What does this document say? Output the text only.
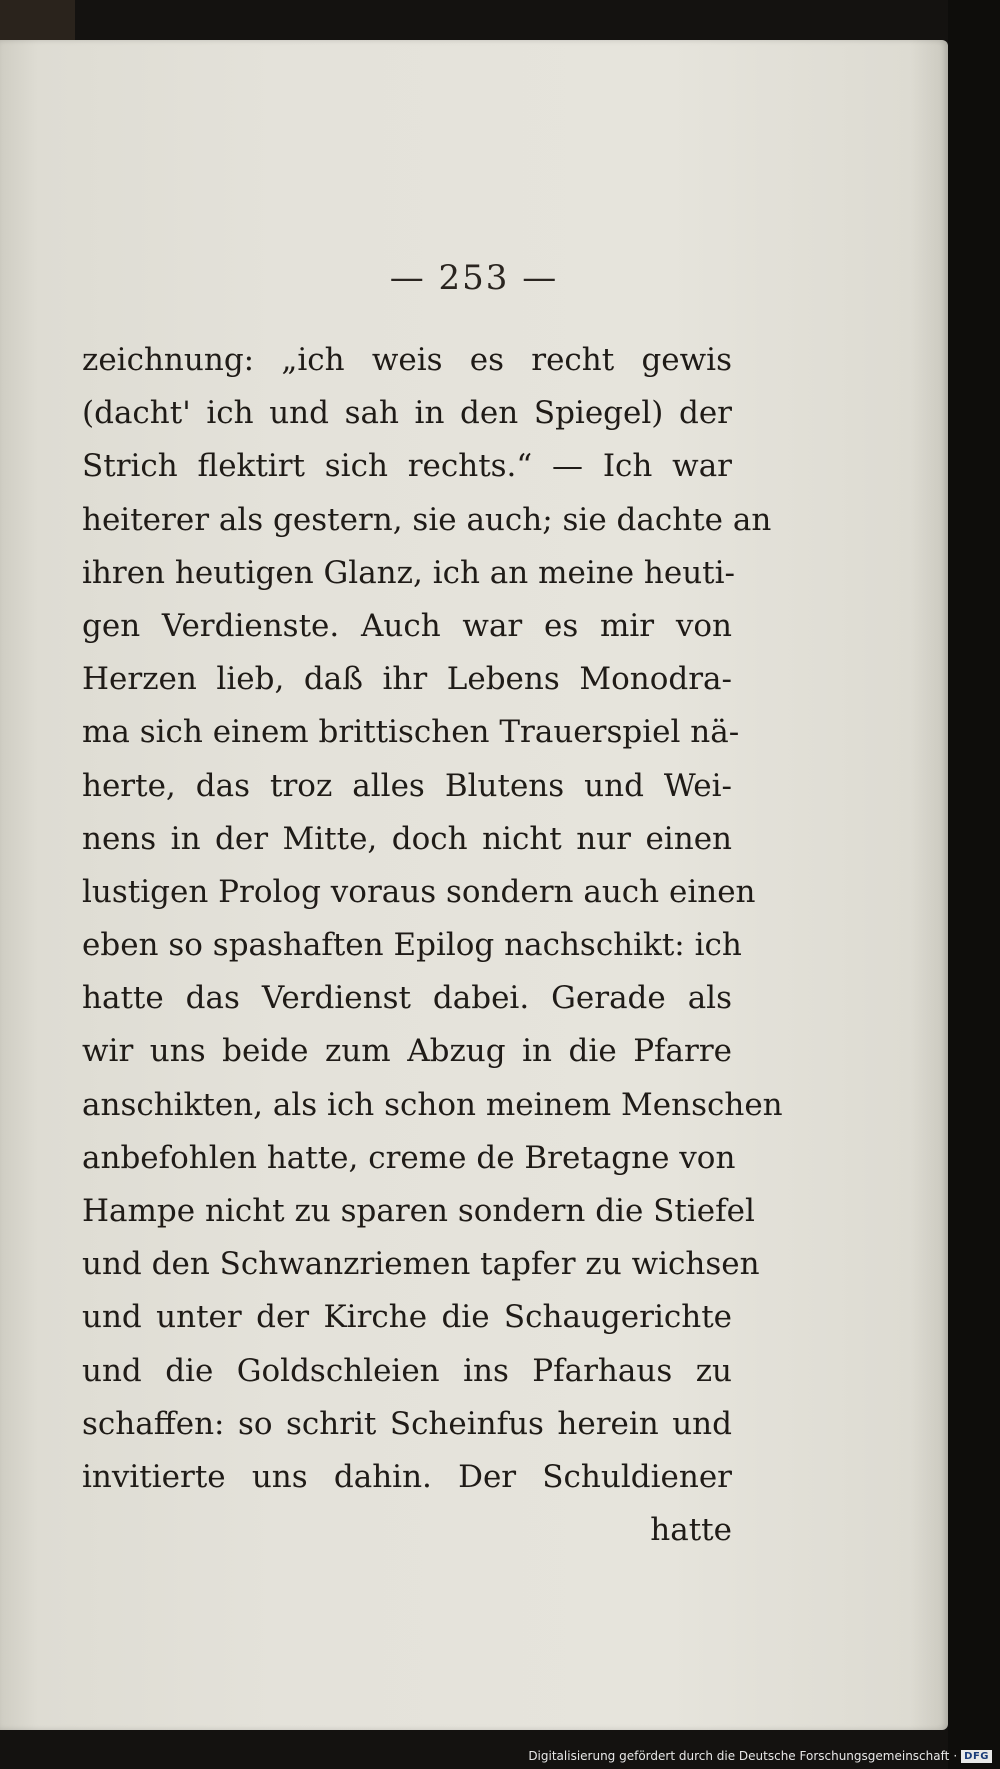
— 253 —
zeichnung: „ich weis es recht gewis
(dacht' ich und sah in den Spiegel) der
Strich flektirt sich rechts.“ — Ich war
heiterer als gestern, sie auch; sie dachte an
ihren heutigen Glanz, ich an meine heuti-
gen Verdienste. Auch war es mir von
Herzen lieb, daß ihr Lebens Monodra-
ma sich einem brittischen Trauerspiel nä-
herte, das troz alles Blutens und Wei-
nens in der Mitte, doch nicht nur einen
lustigen Prolog voraus sondern auch einen
eben so spashaften Epilog nachschikt: ich
hatte das Verdienst dabei. Gerade als
wir uns beide zum Abzug in die Pfarre
anschikten, als ich schon meinem Menschen
anbefohlen hatte, creme de Bretagne von
Hampe nicht zu sparen sondern die Stiefel
und den Schwanzriemen tapfer zu wichsen
und unter der Kirche die Schaugerichte
und die Goldschleien ins Pfarhaus zu
schaffen: so schrit Scheinfus herein und
invitierte uns dahin. Der Schuldiener
hatte
Digitalisierung gefördert durch die Deutsche Forschungsgemeinschaft · DFG
